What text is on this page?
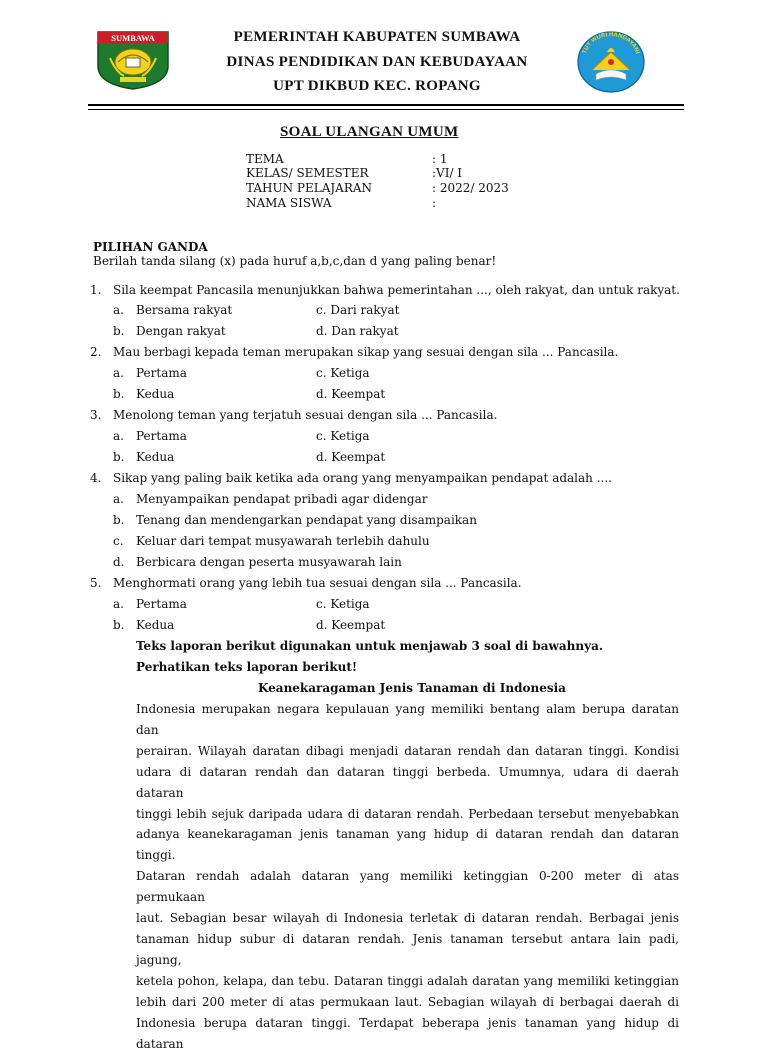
SUMBAWA
TUT WURI HANDAYANI
PEMERINTAH KABUPATEN SUMBAWA
DINAS PENDIDIKAN DAN KEBUDAYAAN
UPT DIKBUD KEC. ROPANG
SOAL ULANGAN UMUM
TEMA	: 1
KELAS/ SEMESTER	:VI/ I
TAHUN PELAJARAN	: 2022/ 2023
NAMA SISWA	:
PILIHAN GANDA
Berilah tanda silang (x) pada huruf a,b,c,dan d yang paling benar!
1. Sila keempat Pancasila menunjukkan bahwa pemerintahan ..., oleh rakyat, dan untuk rakyat.
a. Bersama rakyat	c. Dari rakyat
b. Dengan rakyat	d. Dan rakyat
2. Mau berbagi kepada teman merupakan sikap yang sesuai dengan sila ... Pancasila.
a. Pertama	c. Ketiga
b. Kedua	d. Keempat
3. Menolong teman yang terjatuh sesuai dengan sila ... Pancasila.
a. Pertama	c. Ketiga
b. Kedua	d. Keempat
4. Sikap yang paling baik ketika ada orang yang menyampaikan pendapat adalah ....
a. Menyampaikan pendapat pribadi agar didengar
b. Tenang dan mendengarkan pendapat yang disampaikan
c. Keluar dari tempat musyawarah terlebih dahulu
d. Berbicara dengan peserta musyawarah lain
5. Menghormati orang yang lebih tua sesuai dengan sila ... Pancasila.
a. Pertama	c. Ketiga
b. Kedua	d. Keempat
Teks laporan berikut digunakan untuk menjawab 3 soal di bawahnya.
Perhatikan teks laporan berikut!
Keanekaragaman Jenis Tanaman di Indonesia
Indonesia merupakan negara kepulauan yang memiliki bentang alam berupa daratan dan
perairan. Wilayah daratan dibagi menjadi dataran rendah dan dataran tinggi. Kondisi
udara di dataran rendah dan dataran tinggi berbeda. Umumnya, udara di daerah dataran
tinggi lebih sejuk daripada udara di dataran rendah. Perbedaan tersebut menyebabkan
adanya keanekaragaman jenis tanaman yang hidup di dataran rendah dan dataran tinggi.
Dataran rendah adalah dataran yang memiliki ketinggian 0-200 meter di atas permukaan
laut. Sebagian besar wilayah di Indonesia terletak di dataran rendah. Berbagai jenis
tanaman hidup subur di dataran rendah. Jenis tanaman tersebut antara lain padi, jagung,
ketela pohon, kelapa, dan tebu. Dataran tinggi adalah daratan yang memiliki ketinggian
lebih dari 200 meter di atas permukaan laut. Sebagian wilayah di berbagai daerah di
Indonesia berupa dataran tinggi. Terdapat beberapa jenis tanaman yang hidup di dataran
